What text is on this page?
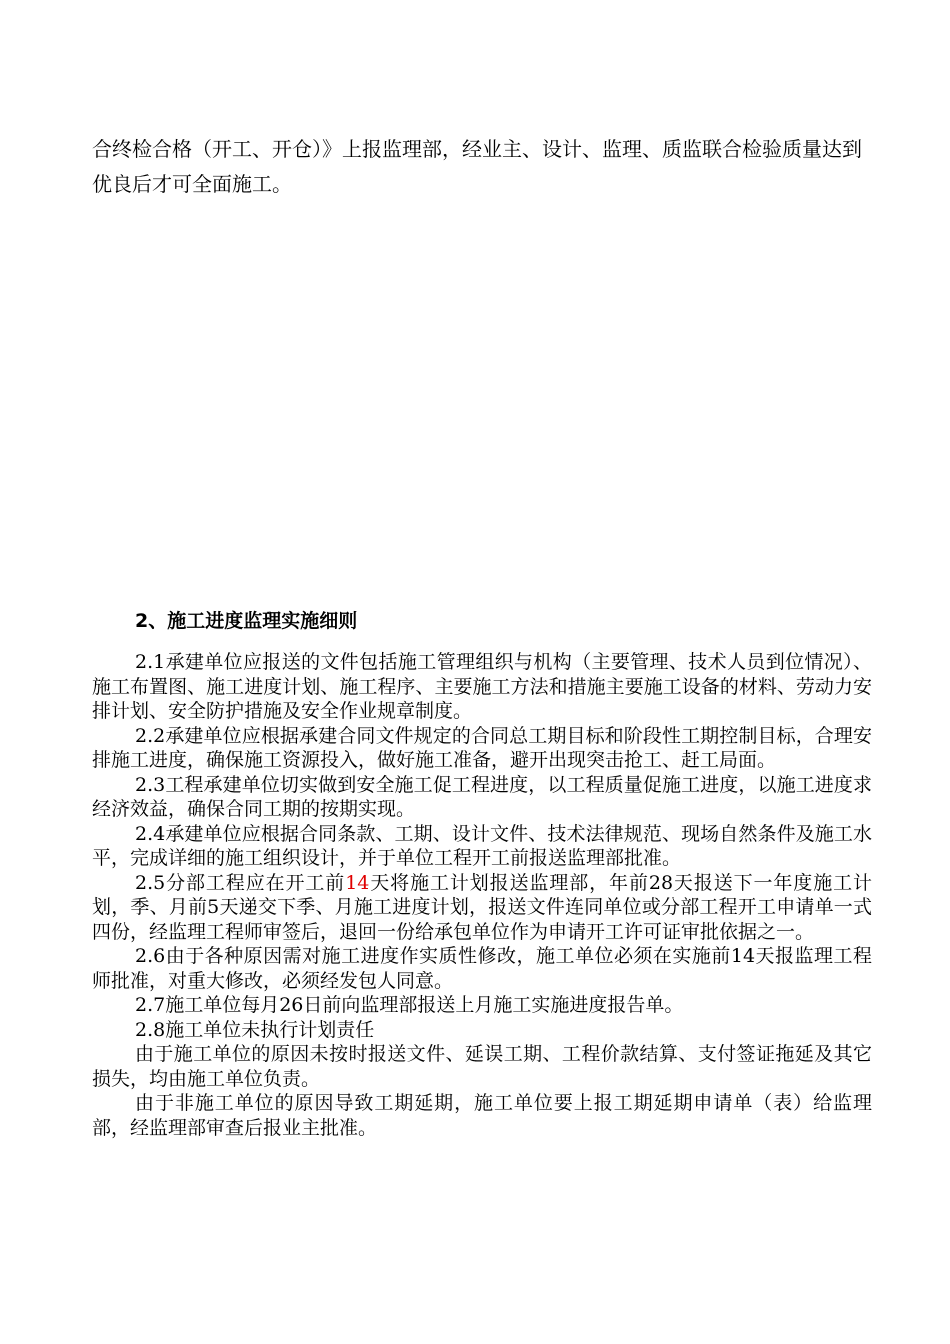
合终检合格（开工、开仓）》上报监理部，经业主、设计、监理、质监联合检验质量达到优良后才可全面施工。

2、施工进度监理实施细则

2.1承建单位应报送的文件包括施工管理组织与机构（主要管理、技术人员到位情况）、施工布置图、施工进度计划、施工程序、主要施工方法和措施主要施工设备的材料、劳动力安排计划、安全防护措施及安全作业规章制度。

2.2承建单位应根据承建合同文件规定的合同总工期目标和阶段性工期控制目标，合理安排施工进度，确保施工资源投入，做好施工准备，避开出现突击抢工、赶工局面。

2.3工程承建单位切实做到安全施工促工程进度，以工程质量促施工进度，以施工进度求经济效益，确保合同工期的按期实现。

2.4承建单位应根据合同条款、工期、设计文件、技术法律规范、现场自然条件及施工水平，完成详细的施工组织设计，并于单位工程开工前报送监理部批准。

2.5分部工程应在开工前14天将施工计划报送监理部，年前28天报送下一年度施工计划，季、月前5天递交下季、月施工进度计划，报送文件连同单位或分部工程开工申请单一式四份，经监理工程师审签后，退回一份给承包单位作为申请开工许可证审批依据之一。

2.6由于各种原因需对施工进度作实质性修改，施工单位必须在实施前14天报监理工程师批准，对重大修改，必须经发包人同意。

2.7施工单位每月26日前向监理部报送上月施工实施进度报告单。

2.8施工单位未执行计划责任

由于施工单位的原因未按时报送文件、延误工期、工程价款结算、支付签证拖延及其它损失，均由施工单位负责。

由于非施工单位的原因导致工期延期，施工单位要上报工期延期申请单（表）给监理部，经监理部审查后报业主批准。
